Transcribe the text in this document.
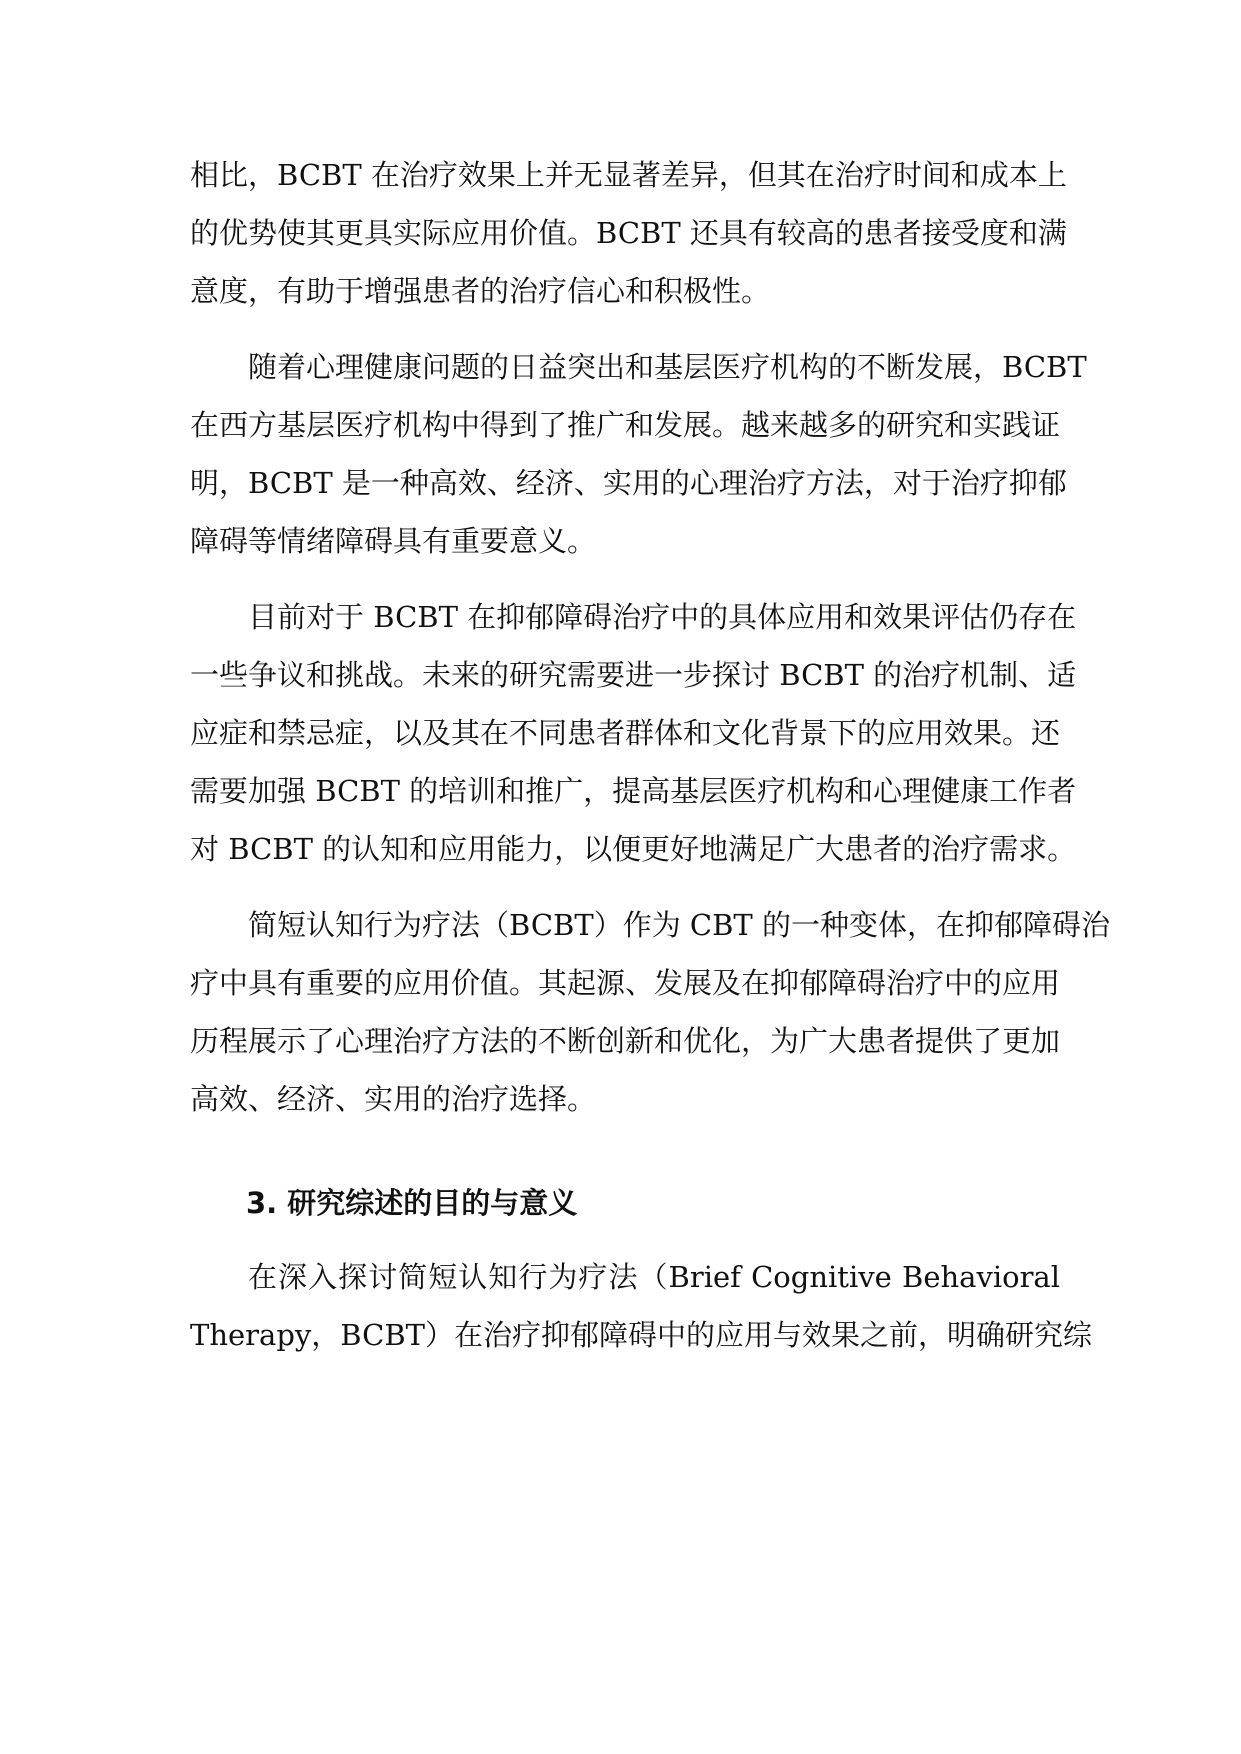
相比，BCBT 在治疗效果上并无显著差异，但其在治疗时间和成本上
的优势使其更具实际应用价值。BCBT 还具有较高的患者接受度和满
意度，有助于增强患者的治疗信心和积极性。
随着心理健康问题的日益突出和基层医疗机构的不断发展，BCBT
在西方基层医疗机构中得到了推广和发展。越来越多的研究和实践证
明，BCBT 是一种高效、经济、实用的心理治疗方法，对于治疗抑郁
障碍等情绪障碍具有重要意义。
目前对于 BCBT 在抑郁障碍治疗中的具体应用和效果评估仍存在
一些争议和挑战。未来的研究需要进一步探讨 BCBT 的治疗机制、适
应症和禁忌症，以及其在不同患者群体和文化背景下的应用效果。还
需要加强 BCBT 的培训和推广，提高基层医疗机构和心理健康工作者
对 BCBT 的认知和应用能力，以便更好地满足广大患者的治疗需求。
简短认知行为疗法（BCBT）作为 CBT 的一种变体，在抑郁障碍治
疗中具有重要的应用价值。其起源、发展及在抑郁障碍治疗中的应用
历程展示了心理治疗方法的不断创新和优化，为广大患者提供了更加
高效、经济、实用的治疗选择。
3. 研究综述的目的与意义
在深入探讨简短认知行为疗法（Brief Cognitive Behavioral
Therapy，BCBT）在治疗抑郁障碍中的应用与效果之前，明确研究综
